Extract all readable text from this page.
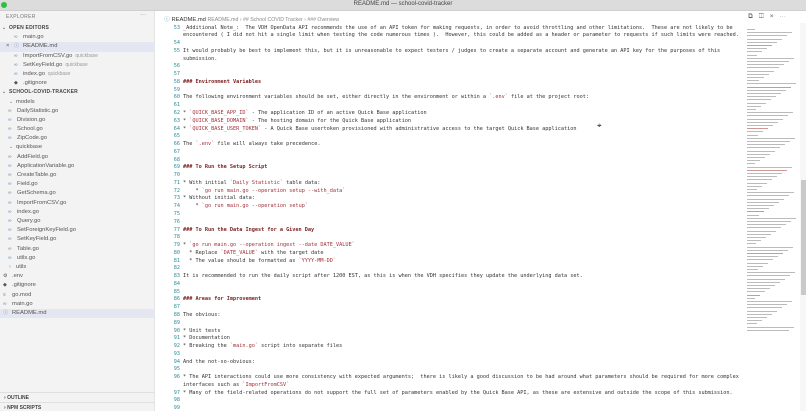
README.md — school-covid-tracker
EXPLORER	···
⌄ OPEN EDITORS
∞ main.go
× ⓘ README.md
∞ ImportFromCSV.go quickbase
∞ SetKeyField.go quickbase
∞ index.go quickbase
◆ .gitignore
⌄ SCHOOL-COVID-TRACKER
⌄ models
∞ DailyStatistic.go
∞ Division.go
∞ School.go
∞ ZipCode.go
⌄ quickbase
∞ AddField.go
∞ ApplicationVariable.go
∞ CreateTable.go
∞ Field.go
∞ GetSchema.go
∞ ImportFromCSV.go
∞ index.go
∞ Query.go
∞ SetForeignKeyField.go
∞ SetKeyField.go
∞ Table.go
∞ utils.go
› utils
⚙ .env
◆ .gitignore
≡ go.mod
∞ main.go
ⓘ README.md
› OUTLINE
› NPM SCRIPTS
ⓘ README.md README.md › ## School COVID Tracker › ### Overview	⧉◫×⋯
53 _Additional Note_:  The VDH OpenData API recommends the use of an API token for making requests, in order to avoid throttling and other limitations.  These are not likely to be
encountered ( I did not hit a single limit when testing the code numerous times ).  However, this could be added as a header or parameter to requests if such limits were reached.
54
55 It would probably be best to implement this, but it is unreasonable to expect testers / judges to create a separate account and generate an API key for the purposes of this
submission.
56
57
58 ### Environment Variables
59
60 The following environment variables should be set, either directly in the environment or within a `.env` file at the project root:
61
62 * `QUICK_BASE_APP_ID` - The application ID of an active Quick Base application
63 * `QUICK_BASE_DOMAIN` - The hosting domain for the Quick Base application
64 * `QUICK_BASE_USER_TOKEN` - A Quick Base usertoken provisioned with administrative access to the target Quick Base application
65
66 The `.env` file will always take precedence.
67
68
69 ### To Run the Setup Script
70
71 * With initial `Daily Statistic` table data:
72 * `go run main.go --operation setup --with_data`
73 * Without initial data:
74 * `go run main.go --operation setup`
75
76
77 ### To Run the Data Ingest for a Given Day
78
79 * `go run main.go --operation ingest --date DATE_VALUE`
80 * Replace `DATE_VALUE` with the target date
81 * The value should be formatted as `YYYY-MM-DD`
82
83 It is recommended to run the daily script after 1200 EST, as this is when the VDH specifies they update the underlying data set.
84
85
86 ### Areas for Improvement
87
88 The obvious:
89
90 * Unit tests
91 * Documentation
92 * Breaking the `main.go` script into separate files
93
94 And the not-so-obvious:
95
96 * The API interactions could use more consistency with expected arguments;  there is likely a good discussion to be had around what parameters should be required for more complex
interfaces such as `ImportFromCSV`
97 * Many of the field-related operations do not support the full set of parameters enabled by the Quick Base API, as these are extensive and outside the scope of this submission.
98
99
⌖
